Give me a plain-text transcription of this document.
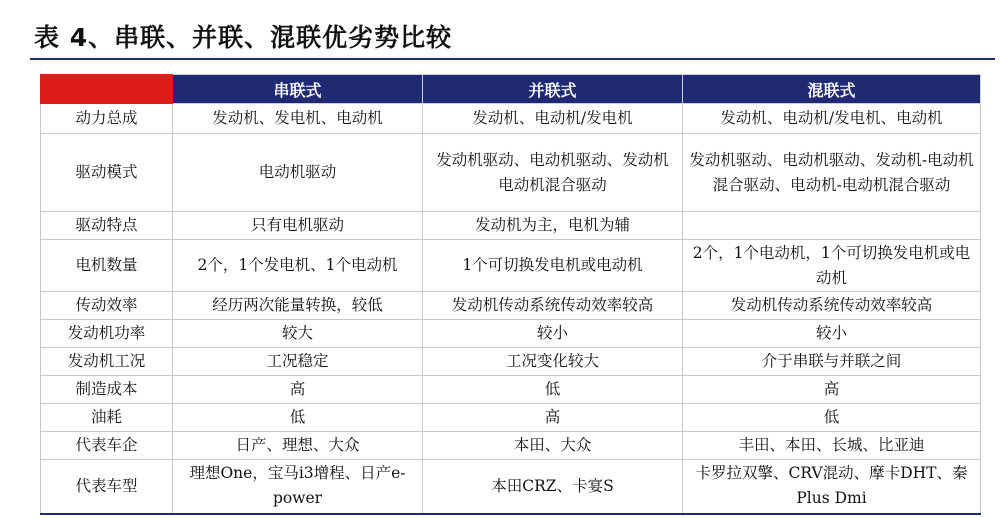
表 4、串联、并联、混联优劣势比较
	串联式	并联式	混联式
动力总成	发动机、发电机、电动机	发动机、电动机/发电机	发动机、电动机/发电机、电动机
驱动模式	电动机驱动	发动机驱动、电动机驱动、发动机电动机混合驱动	发动机驱动、电动机驱动、发动机-电动机混合驱动、电动机-电动机混合驱动
驱动特点	只有电机驱动	发动机为主，电机为辅	
电机数量	2个，1个发电机、1个电动机	1个可切换发电机或电动机	2个，1个电动机，1个可切换发电机或电动机
传动效率	经历两次能量转换，较低	发动机传动系统传动效率较高	发动机传动系统传动效率较高
发动机功率	较大	较小	较小
发动机工况	工况稳定	工况变化较大	介于串联与并联之间
制造成本	高	低	高
油耗	低	高	低
代表车企	日产、理想、大众	本田、大众	丰田、本田、长城、比亚迪
代表车型	理想One，宝马i3增程、日产e-power	本田CRZ、卡宴S	卡罗拉双擎、CRV混动、摩卡DHT、秦Plus Dmi
